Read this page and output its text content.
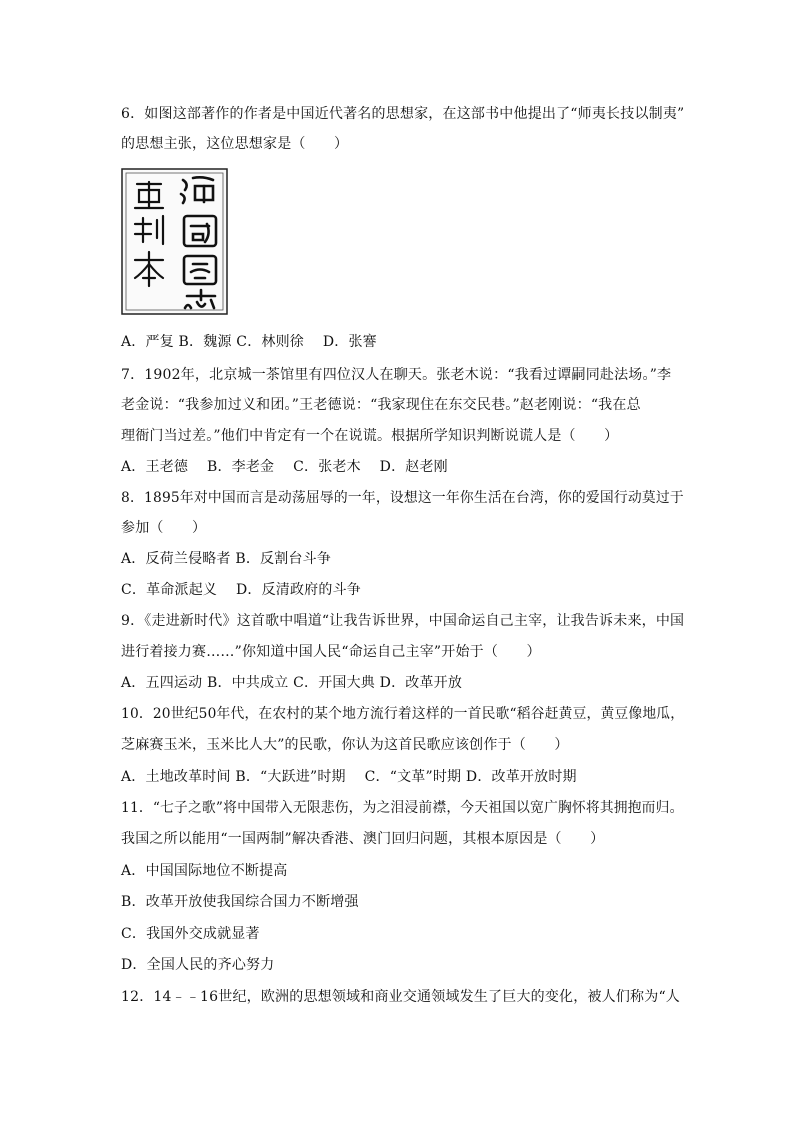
6．如图这部著作的作者是中国近代著名的思想家，在这部书中他提出了“师夷长技以制夷”
的思想主张，这位思想家是（　　）
A．严复 B．魏源 C．林则徐　 D．张謇
7．1902年，北京城一茶馆里有四位汉人在聊天。张老木说：“我看过谭嗣同赴法场。”李
老金说：“我参加过义和团。”王老德说：“我家现住在东交民巷。”赵老刚说：“我在总
理衙门当过差。”他们中肯定有一个在说谎。根据所学知识判断说谎人是（　　）
A．王老德　 B．李老金　 C．张老木　 D．赵老刚
8．1895年对中国而言是动荡屈辱的一年，设想这一年你生活在台湾，你的爱国行动莫过于
参加（　　）
A．反荷兰侵略者 B．反割台斗争
C．革命派起义　 D．反清政府的斗争
9．《走进新时代》这首歌中唱道“让我告诉世界，中国命运自己主宰，让我告诉未来，中国
进行着接力赛……”你知道中国人民“命运自己主宰”开始于（　　）
A．五四运动 B．中共成立 C．开国大典 D．改革开放
10．20世纪50年代，在农村的某个地方流行着这样的一首民歌“稻谷赶黄豆，黄豆像地瓜，
芝麻赛玉米，玉米比人大”的民歌，你认为这首民歌应该创作于（　　）
A．土地改革时间 B．“大跃进”时期　 C．“文革”时期 D．改革开放时期
11．“七子之歌”将中国带入无限悲伤，为之泪浸前襟，今天祖国以宽广胸怀将其拥抱而归。
我国之所以能用“一国两制”解决香港、澳门回归问题，其根本原因是（　　）
A．中国国际地位不断提高
B．改革开放使我国综合国力不断增强
C．我国外交成就显著
D．全国人民的齐心努力
12．14﹣﹣16世纪，欧洲的思想领域和商业交通领域发生了巨大的变化，被人们称为“人
